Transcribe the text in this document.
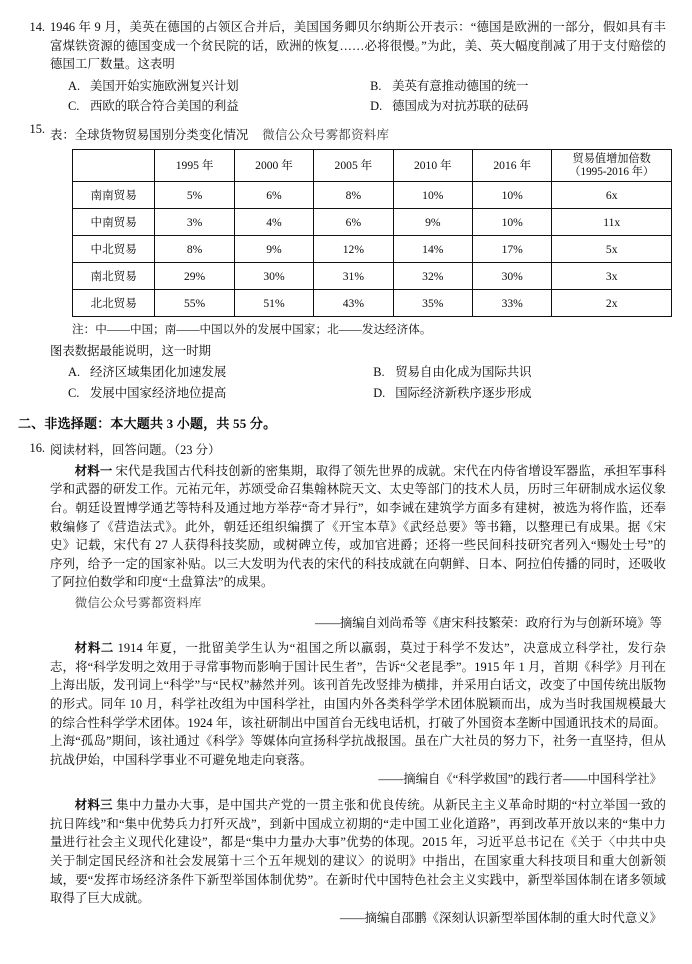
14. 1946 年 9 月，美英在德国的占领区合并后，美国国务卿贝尔纳斯公开表示：“德国是欧洲的一部分，假如具有丰富煤铁资源的德国变成一个贫民院的话，欧洲的恢复……必将很慢。”为此，美、英大幅度削减了用于支付赔偿的德国工厂数量。这表明
A. 美国开始实施欧洲复兴计划	B. 美英有意推动德国的统一
C. 西欧的联合符合美国的利益	D. 德国成为对抗苏联的砝码
15. 表：全球货物贸易国别分类变化情况 微信公众号雾都资料库
	1995 年	2000 年	2005 年	2010 年	2016 年	贸易值增加倍数
（1995-2016 年）

南南贸易	5%	6%	8%	10%	10%	6x
中南贸易	3%	4%	6%	9%	10%	11x
中北贸易	8%	9%	12%	14%	17%	5x
南北贸易	29%	30%	31%	32%	30%	3x
北北贸易	55%	51%	43%	35%	33%	2x
注：中——中国；南——中国以外的发展中国家；北——发达经济体。
图表数据最能说明，这一时期
A. 经济区域集团化加速发展	B. 贸易自由化成为国际共识
C. 发展中国家经济地位提高	D. 国际经济新秩序逐步形成
二、非选择题：本大题共 3 小题，共 55 分。
16. 阅读材料，回答问题。（23 分）
材料一 宋代是我国古代科技创新的密集期，取得了领先世界的成就。宋代在内侍省增设军器监，承担军事科学和武器的研发工作。元祐元年，苏颂受命召集翰林院天文、太史等部门的技术人员，历时三年研制成水运仪象台。朝廷设置博学通艺等特科及通过地方举荐“奇才异行”，如李诫在建筑学方面多有建树，被选为将作监，还奉敕编修了《营造法式》。此外，朝廷还组织编撰了《开宝本草》《武经总要》等书籍，以整理已有成果。据《宋史》记载，宋代有 27 人获得科技奖励，或树碑立传，或加官进爵；还将一些民间科技研究者列入“赐处士号”的序列，给予一定的国家补贴。以三大发明为代表的宋代的科技成就在向朝鲜、日本、阿拉伯传播的同时，还吸收了阿拉伯数学和印度“土盘算法”的成果。
微信公众号雾都资料库
——摘编自刘尚希等《唐宋科技繁荣：政府行为与创新环境》等
材料二 1914 年夏，一批留美学生认为“祖国之所以羸弱，莫过于科学不发达”，决意成立科学社，发行杂志，将“科学发明之效用于寻常事物而影响于国计民生者”，告诉“父老昆季”。1915 年 1 月，首期《科学》月刊在上海出版，发刊词上“科学”与“民权”赫然并列。该刊首先改竖排为横排，并采用白话文，改变了中国传统出版物的形式。同年 10 月，科学社改组为中国科学社，由国内外各类科学学术团体脱颖而出，成为当时我国规模最大的综合性科学学术团体。1924 年，该社研制出中国首台无线电话机，打破了外国资本垄断中国通讯技术的局面。上海“孤岛”期间，该社通过《科学》等媒体向宣扬科学抗战报国。虽在广大社员的努力下，社务一直坚持，但从抗战伊始，中国科学事业不可避免地走向衰落。
——摘编自《“科学救国”的践行者——中国科学社》
材料三 集中力量办大事，是中国共产党的一贯主张和优良传统。从新民主主义革命时期的“村立举国一致的抗日阵线”和“集中优势兵力打歼灭战”，到新中国成立初期的“走中国工业化道路”，再到改革开放以来的“集中力量进行社会主义现代化建设”，都是“集中力量办大事”优势的体现。2015 年，习近平总书记在《关于〈中共中央关于制定国民经济和社会发展第十三个五年规划的建议〉的说明》中指出，在国家重大科技项目和重大创新领域，要“发挥市场经济条件下新型举国体制优势”。在新时代中国特色社会主义实践中，新型举国体制在诸多领域取得了巨大成就。
——摘编自邵鹏《深刻认识新型举国体制的重大时代意义》
